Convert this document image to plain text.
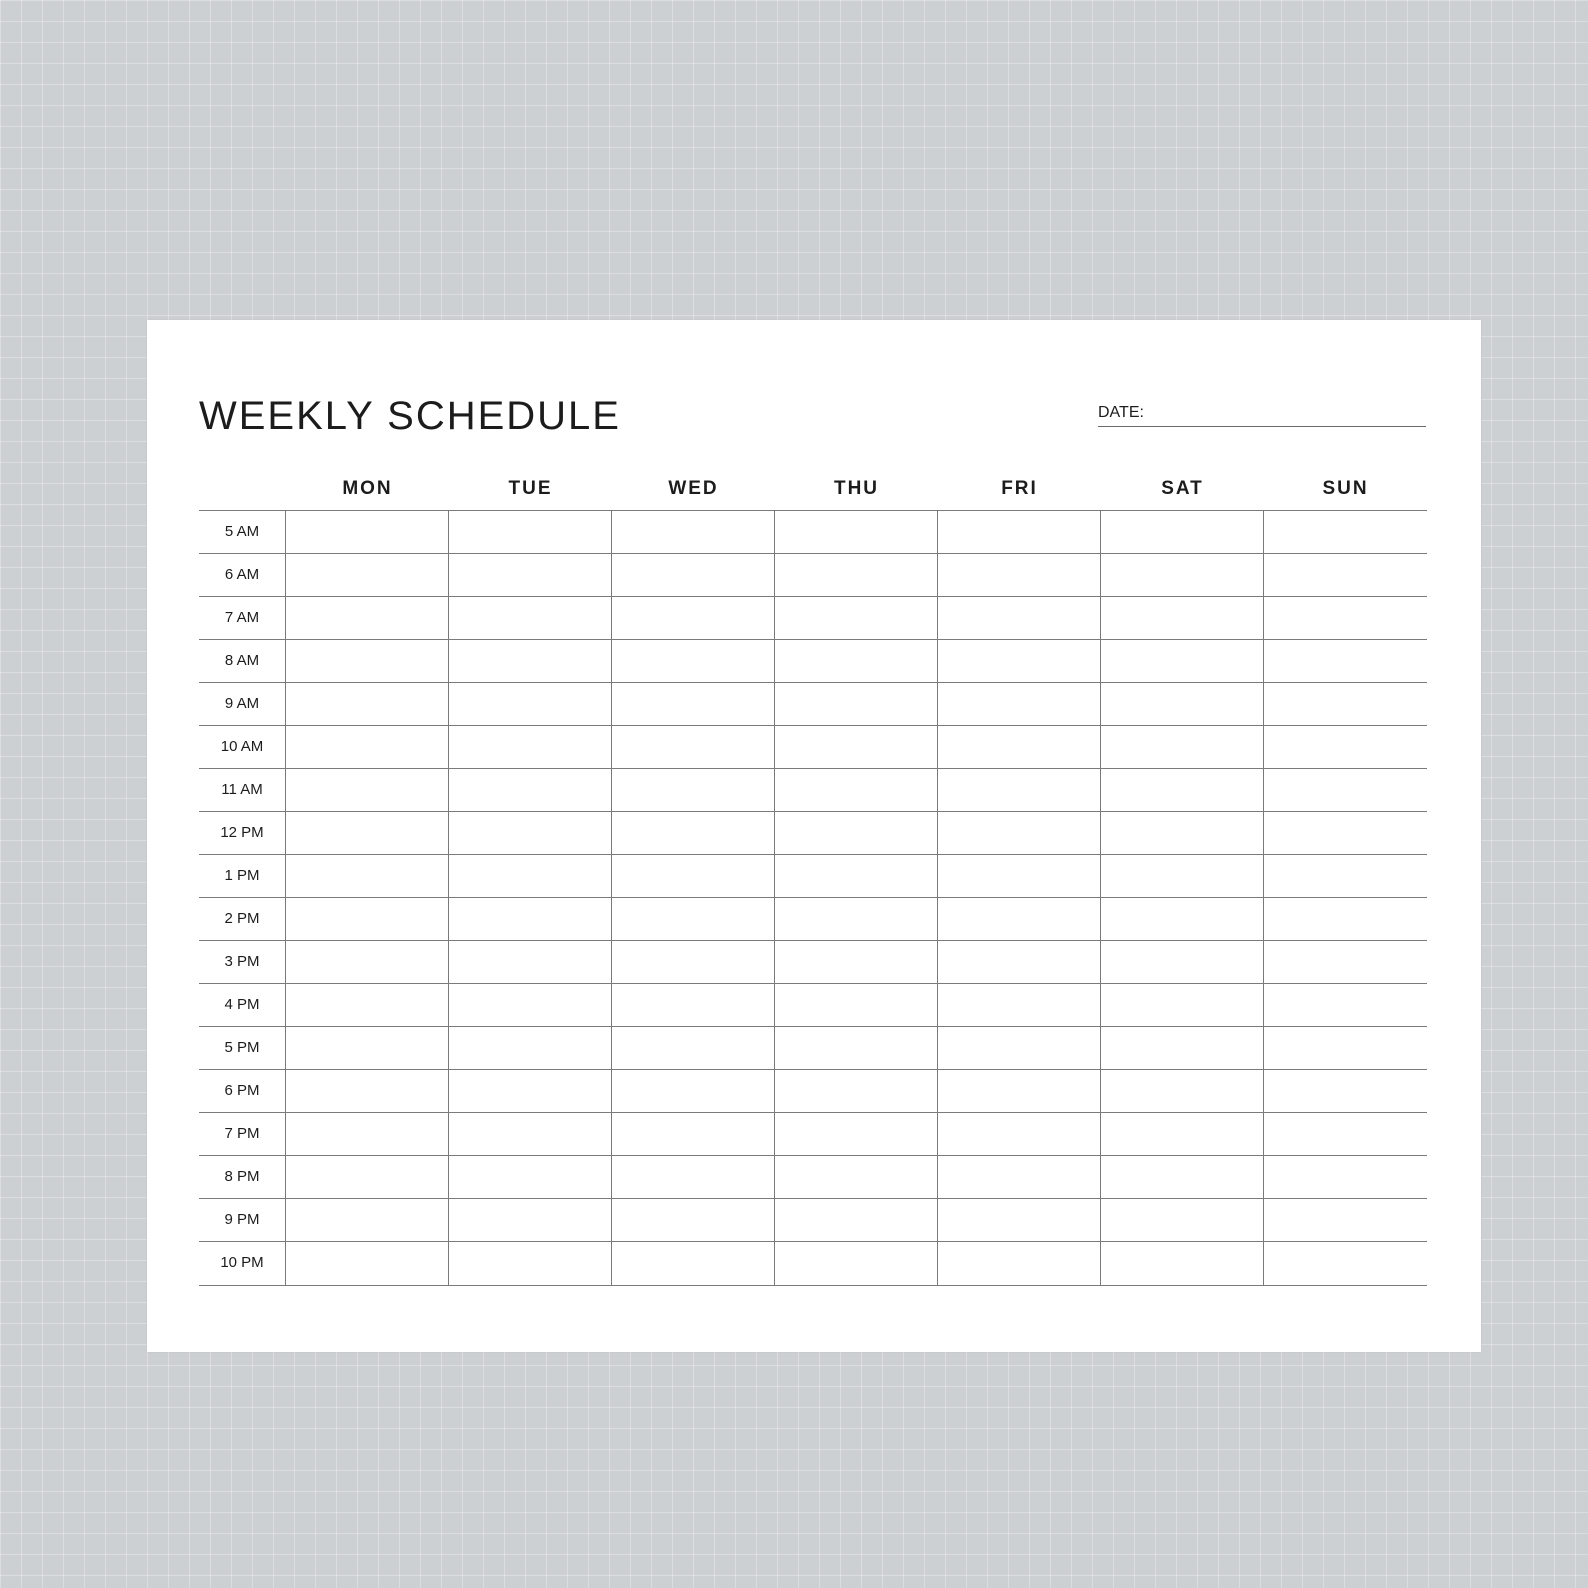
WEEKLY SCHEDULE	DATE:
MON	TUE	WED	THU	FRI	SAT	SUN
5 AM
6 AM
7 AM
8 AM
9 AM
10 AM
11 AM
12 PM
1 PM
2 PM
3 PM
4 PM
5 PM
6 PM
7 PM
8 PM
9 PM
10 PM
